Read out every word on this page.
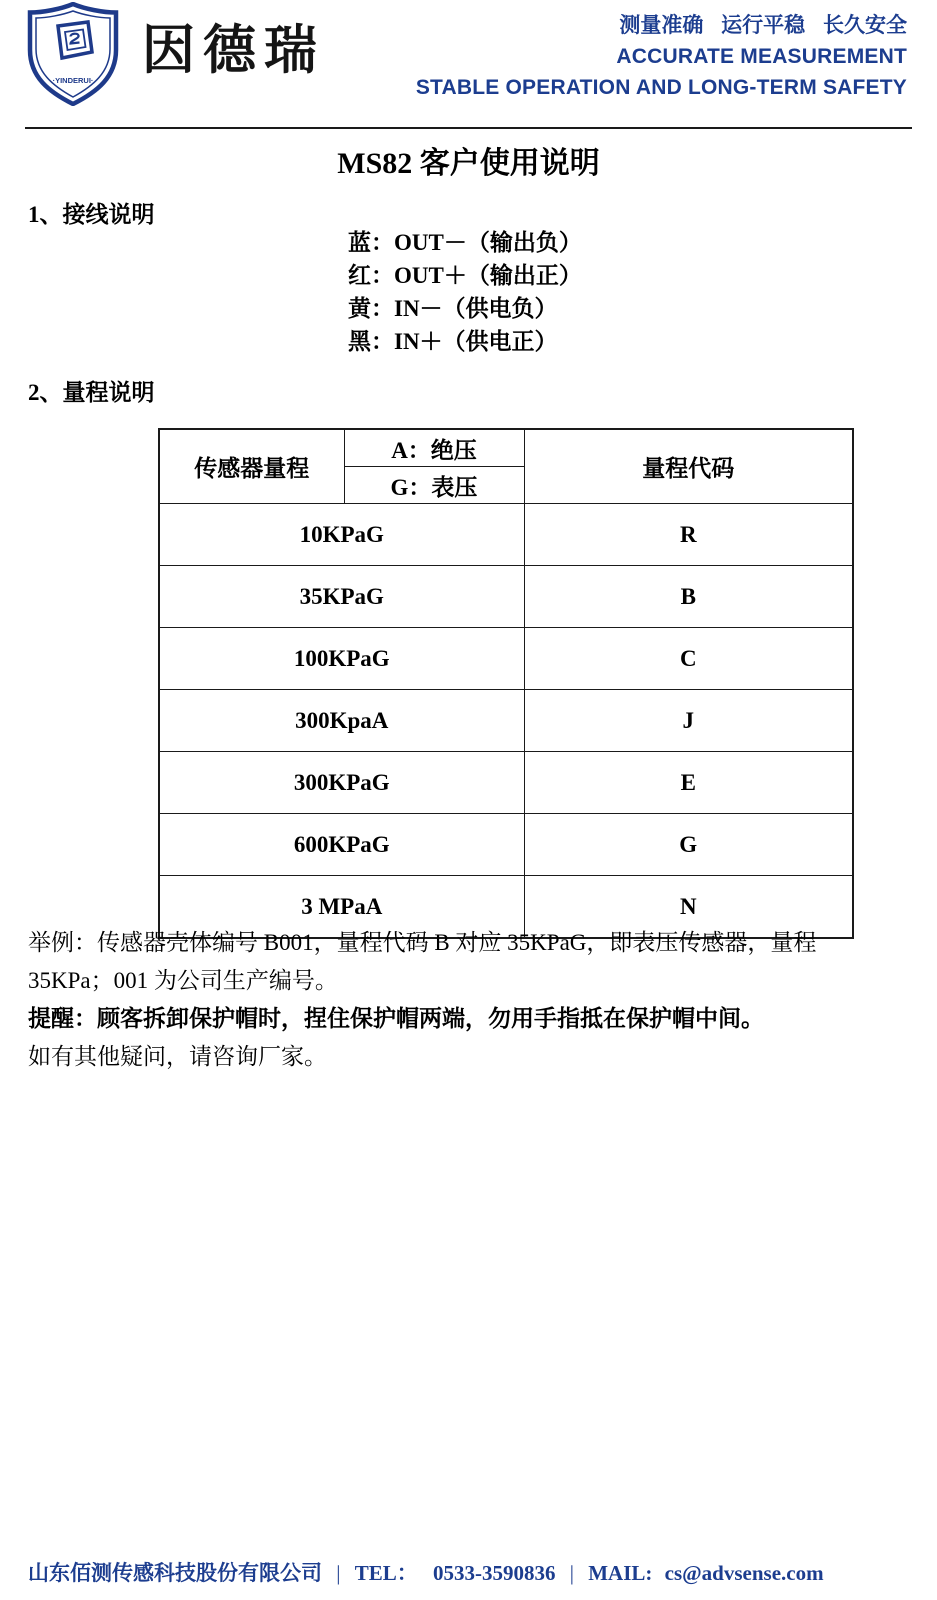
·YINDERUI·
因德瑞	测量准确 运行平稳 长久安全
ACCURATE MEASUREMENT
STABLE OPERATION AND LONG-TERM SAFETY
MS82 客户使用说明
1、接线说明
蓝：OUT－（输出负）
红：OUT＋（输出正）
黄：IN－（供电负）
黑：IN＋（供电正）
2、量程说明
传感器量程	A：绝压	量程代码
	G：表压	
10KPaG		R
35KPaG		B
100KPaG		C
300KpaA		J
300KPaG		E
600KPaG		G
3 MPaA		N
举例：传感器壳体编号 B001，量程代码 B 对应 35KPaG，即表压传感器，量程
35KPa；001 为公司生产编号。
提醒：顾客拆卸保护帽时，捏住保护帽两端，勿用手指抵在保护帽中间。
如有其他疑问，请咨询厂家。
山东佰测传感科技股份有限公司 | TEL： 0533-3590836 | MAIL: cs@advsense.com
